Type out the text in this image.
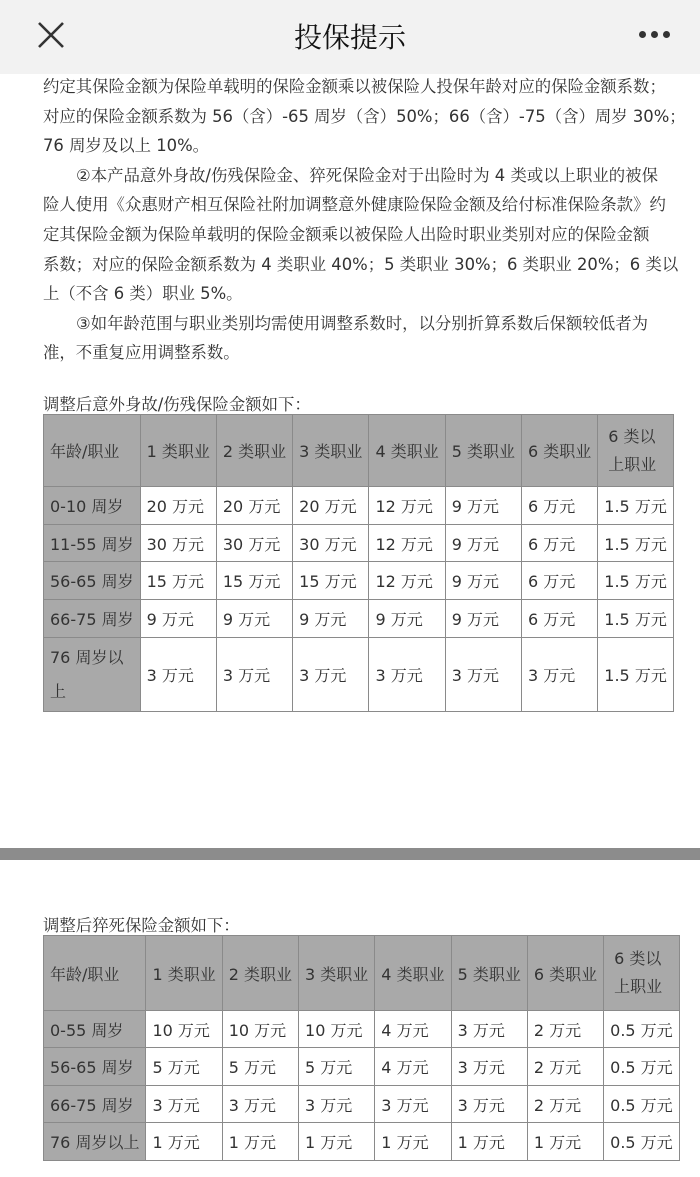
投保提示
约定其保险金额为保险单载明的保险金额乘以被保险人投保年龄对应的保险金额系数；
对应的保险金额系数为 56（含）-65 周岁（含）50%；66（含）-75（含）周岁 30%；
76 周岁及以上 10%。
②本产品意外身故/伤残保险金、猝死保险金对于出险时为 4 类或以上职业的被保
险人使用《众惠财产相互保险社附加调整意外健康险保险金额及给付标准保险条款》约
定其保险金额为保险单载明的保险金额乘以被保险人出险时职业类别对应的保险金额
系数；对应的保险金额系数为 4 类职业 40%；5 类职业 30%；6 类职业 20%；6 类以
上（不含 6 类）职业 5%。
③如年龄范围与职业类别均需使用调整系数时，以分别折算系数后保额较低者为
准，不重复应用调整系数。
调整后意外身故/伤残保险金额如下：
年龄/职业	1 类职业	2 类职业	3 类职业	4 类职业	5 类职业	6 类职业	6 类以上职业
0-10 周岁	20 万元	20 万元	20 万元	12 万元	9 万元	6 万元	1.5 万元
11-55 周岁	30 万元	30 万元	30 万元	12 万元	9 万元	6 万元	1.5 万元
56-65 周岁	15 万元	15 万元	15 万元	12 万元	9 万元	6 万元	1.5 万元
66-75 周岁	9 万元	9 万元	9 万元	9 万元	9 万元	6 万元	1.5 万元
76 周岁以上	3 万元	3 万元	3 万元	3 万元	3 万元	3 万元	1.5 万元
调整后猝死保险金额如下：
年龄/职业	1 类职业	2 类职业	3 类职业	4 类职业	5 类职业	6 类职业	6 类以上职业
0-55 周岁	10 万元	10 万元	10 万元	4 万元	3 万元	2 万元	0.5 万元
56-65 周岁	5 万元	5 万元	5 万元	4 万元	3 万元	2 万元	0.5 万元
66-75 周岁	3 万元	3 万元	3 万元	3 万元	3 万元	2 万元	0.5 万元
76 周岁以上	1 万元	1 万元	1 万元	1 万元	1 万元	1 万元	0.5 万元
